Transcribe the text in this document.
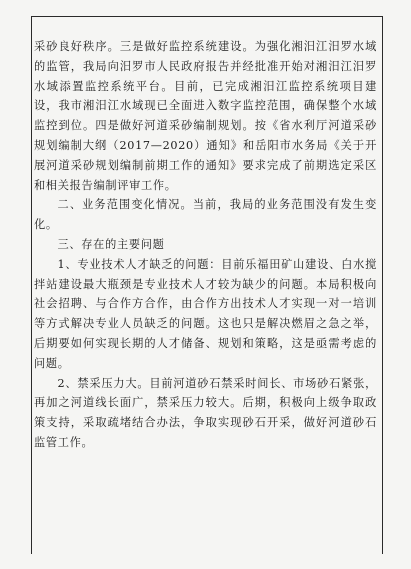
采砂良好秩序。三是做好监控系统建设。为强化湘汨江汨罗水域的监管，我局向汨罗市人民政府报告并经批准开始对湘汨江汨罗水域添置监控系统平台。目前，已完成湘汨江监控系统项目建设，我市湘汨江水域现已全面进入数字监控范围，确保整个水域监控到位。四是做好河道采砂编制规划。按《省水利厅河道采砂规划编制大纲（2017—2020）通知》和岳阳市水务局《关于开展河道采砂规划编制前期工作的通知》要求完成了前期选定采区和相关报告编制评审工作。

二、业务范围变化情况。当前，我局的业务范围没有发生变化。

三、存在的主要问题

1、专业技术人才缺乏的问题：目前乐福田矿山建设、白水搅拌站建设最大瓶颈是专业技术人才较为缺少的问题。本局积极向社会招聘、与合作方合作，由合作方出技术人才实现一对一培训等方式解决专业人员缺乏的问题。这也只是解决燃眉之急之举，后期要如何实现长期的人才储备、规划和策略，这是亟需考虑的问题。

2、禁采压力大。目前河道砂石禁采时间长、市场砂石紧张，再加之河道线长面广，禁采压力较大。后期，积极向上级争取政策支持，采取疏堵结合办法，争取实现砂石开采，做好河道砂石监管工作。
